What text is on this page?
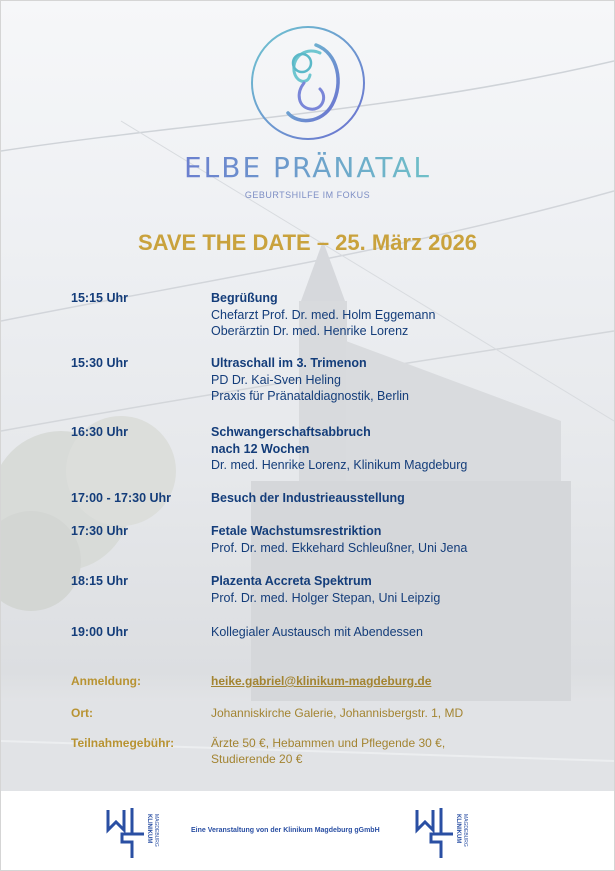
ELBE PRÄNATAL
GEBURTSHILFE IM FOKUS
SAVE THE DATE – 25. März 2026
15:15 Uhr	Begrüßung
Chefarzt Prof. Dr. med. Holm Eggemann
Oberärztin Dr. med. Henrike Lorenz
15:30 Uhr	Ultraschall im 3. Trimenon
PD Dr. Kai-Sven Heling
Praxis für Pränataldiagnostik, Berlin
16:30 Uhr	Schwangerschaftsabbruch
nach 12 Wochen
Dr. med. Henrike Lorenz, Klinikum Magdeburg
17:00 - 17:30 Uhr	Besuch der Industrieausstellung
17:30 Uhr	Fetale Wachstumsrestriktion
Prof. Dr. med. Ekkehard Schleußner, Uni Jena
18:15 Uhr	Plazenta Accreta Spektrum
Prof. Dr. med. Holger Stepan, Uni Leipzig
19:00 Uhr	Kollegialer Austausch mit Abendessen
Anmeldung:	heike.gabriel@klinikum-magdeburg.de
Ort:	Johanniskirche Galerie, Johannisbergstr. 1, MD
Teilnahmegebühr:	Ärzte 50 €, Hebammen und Pflegende 30 €,
Studierende 20 €
KLINIKUM MAGDEBURG	Eine Veranstaltung von der Klinikum Magdeburg gGmbH	KLINIKUM MAGDEBURG
